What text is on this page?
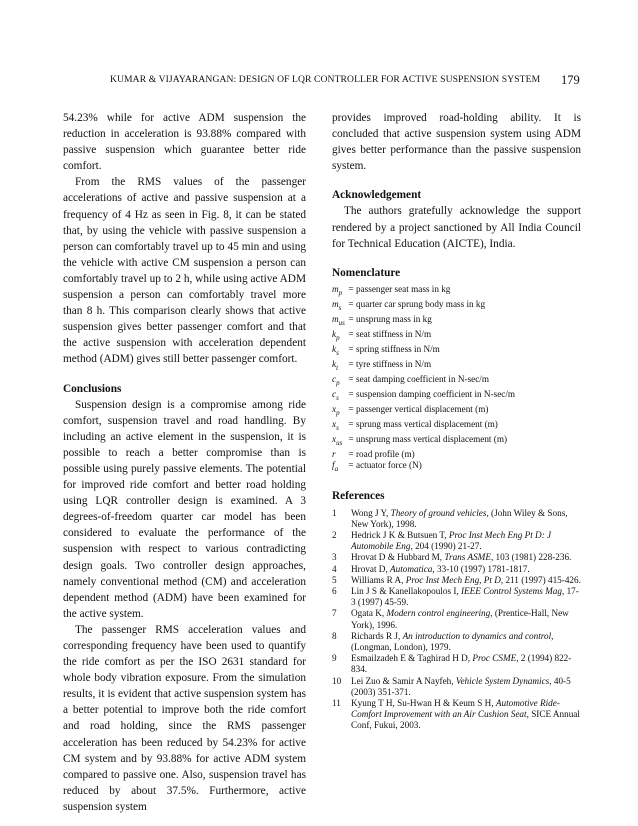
KUMAR & VIJAYARANGAN: DESIGN OF LQR CONTROLLER FOR ACTIVE SUSPENSION SYSTEM 179

54.23% while for active ADM suspension the reduction in acceleration is 93.88% compared with passive suspension which guarantee better ride comfort.

From the RMS values of the passenger accelerations of active and passive suspension at a frequency of 4 Hz as seen in Fig. 8, it can be stated that, by using the vehicle with passive suspension a person can comfortably travel up to 45 min and using the vehicle with active CM suspension a person can comfortably travel up to 2 h, while using active ADM suspension a person can comfortably travel more than 8 h. This comparison clearly shows that active suspension gives better passenger comfort and that the active suspension with acceleration dependent method (ADM) gives still better passenger comfort.

Conclusions

Suspension design is a compromise among ride comfort, suspension travel and road handling. By including an active element in the suspension, it is possible to reach a better compromise than is possible using purely passive elements. The potential for improved ride comfort and better road holding using LQR controller design is examined. A 3 degrees-of-freedom quarter car model has been considered to evaluate the performance of the suspension with respect to various contradicting design goals. Two controller design approaches, namely conventional method (CM) and acceleration dependent method (ADM) have been examined for the active system.

The passenger RMS acceleration values and corresponding frequency have been used to quantify the ride comfort as per the ISO 2631 standard for whole body vibration exposure. From the simulation results, it is evident that active suspension system has a better potential to improve both the ride comfort and road holding, since the RMS passenger acceleration has been reduced by 54.23% for active CM system and by 93.88% for active ADM system compared to passive one. Also, suspension travel has reduced by about 37.5%. Furthermore, active suspension system

provides improved road-holding ability. It is concluded that active suspension system using ADM gives better performance than the passive suspension system.

Acknowledgement

The authors gratefully acknowledge the support rendered by a project sanctioned by All India Council for Technical Education (AICTE), India.

Nomenclature
$m_p$ = passenger seat mass in kg
$m_s$ = quarter car sprung body mass in kg
$m_{us}$ = unsprung mass in kg
$k_p$ = seat stiffness in N/m
$k_s$	= spring stiffness in N/m
$k_t$	= tyre stiffness in N/m
$c_p$ = seat damping coefficient in N-sec/m
$c_s$	= suspension damping coefficient in N-sec/m
$x_p$ = passenger vertical displacement (m)
$x_s$	= sprung mass vertical displacement (m)
$x_{us}$ = unsprung mass vertical displacement (m)
r	= road profile (m)
$f_a$	= actuator force (N)
References
1	Wong J Y, Theory of ground vehicles, (John Wiley & Sons, New York), 1998.
2	Hedrick J K & Butsuen T, Proc Inst Mech Eng Pt D: J Automobile Eng, 204 (1990) 21-27.
3	Hrovat D & Hubbard M, Trans ASME, 103 (1981) 228-236.
4	Hrovat D, Automatica, 33-10 (1997) 1781-1817.
5	Williams R A, Proc Inst Mech Eng, Pt D, 211 (1997) 415-426.
6	Lin J S & Kanellakopoulos I, IEEE Control Systems Mag, 17-3 (1997) 45-59.
7	Ogata K, Modern control engineering, (Prentice-Hall, New York), 1996.
8	Richards R J, An introduction to dynamics and control, (Longman, London), 1979.
9	Esmailzadeh E & Taghirad H D, Proc CSME, 2 (1994) 822-834.
10	Lei Zuo & Samir A Nayfeh, Vehicle System Dynamics, 40-5 (2003) 351-371.
11	Kyung T H, Su-Hwan H & Keum S H, Automotive Ride-Comfort Improvement with an Air Cushion Seat, SICE Annual Conf, Fukui, 2003.
